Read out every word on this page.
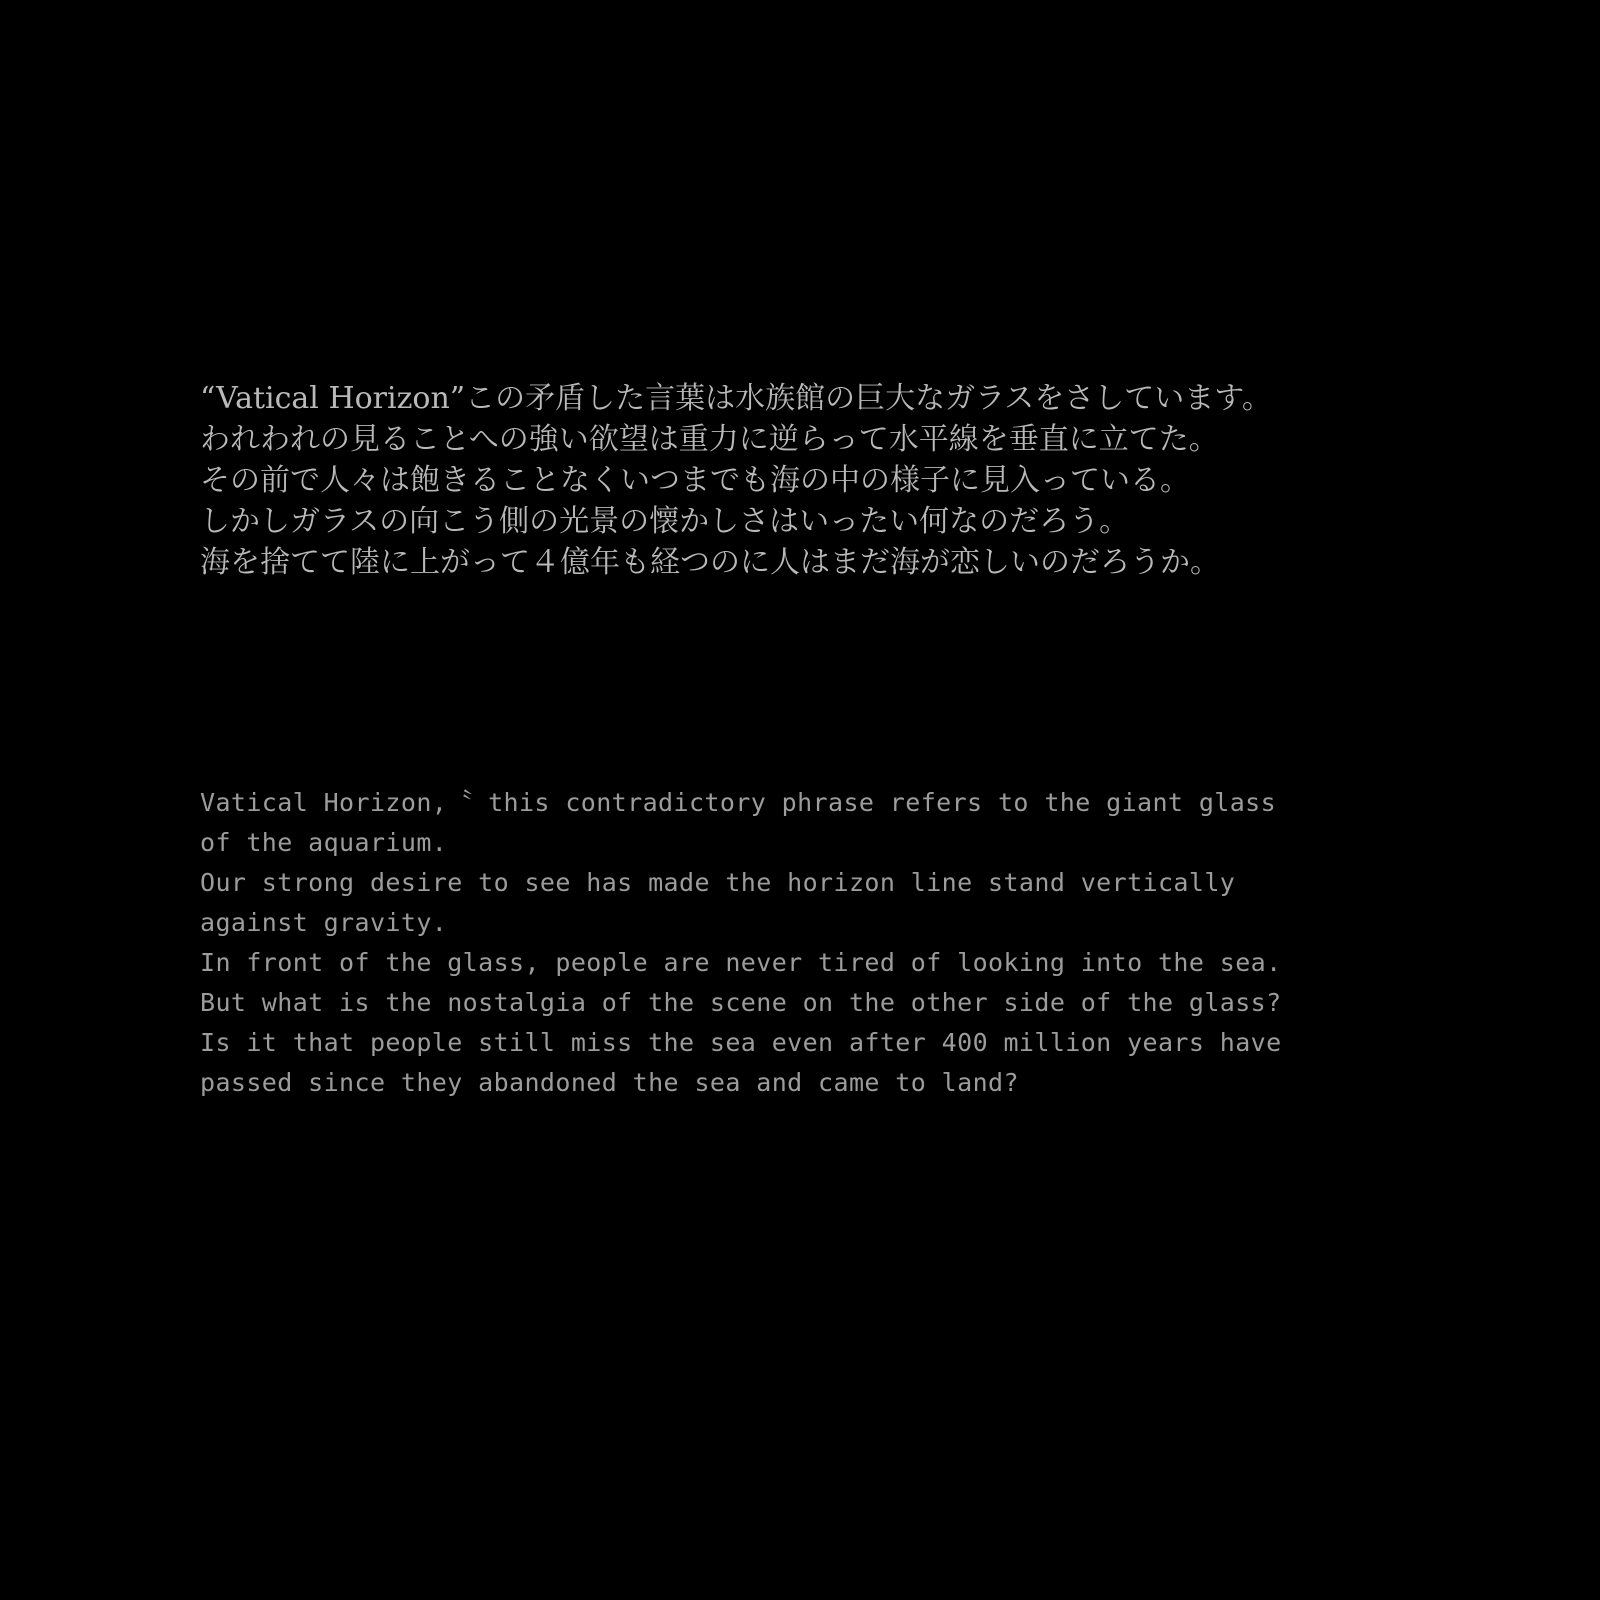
“Vatical Horizon”この矛盾した言葉は水族館の巨大なガラスをさしています。
われわれの見ることへの強い欲望は重力に逆らって水平線を垂直に立てた。
その前で人々は飽きることなくいつまでも海の中の様子に見入っている。
しかしガラスの向こう側の光景の懐かしさはいったい何なのだろう。
海を捨てて陸に上がって４億年も経つのに人はまだ海が恋しいのだろうか。
Vatical Horizon,〝 this contradictory phrase refers to the giant glass
of the aquarium.
Our strong desire to see has made the horizon line stand vertically
against gravity.
In front of the glass, people are never tired of looking into the sea.
But what is the nostalgia of the scene on the other side of the glass?
Is it that people still miss the sea even after 400 million years have
passed since they abandoned the sea and came to land?
